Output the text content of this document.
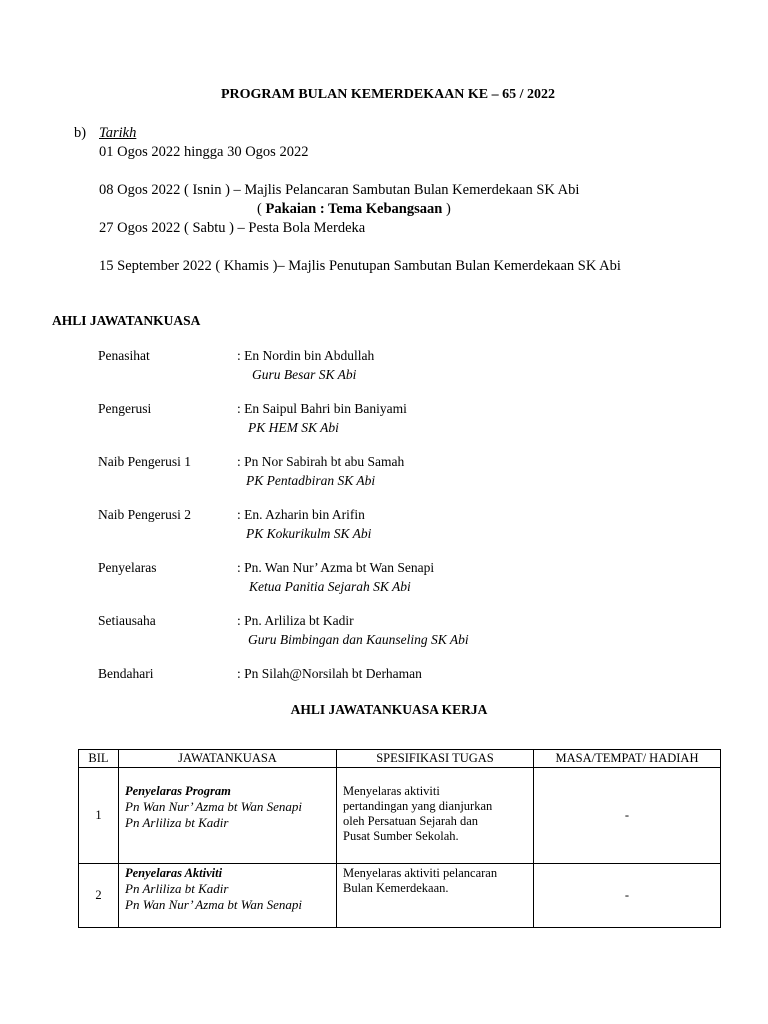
PROGRAM BULAN KEMERDEKAAN KE – 65 / 2022
b) Tarikh
01 Ogos 2022 hingga 30 Ogos 2022
08 Ogos 2022 ( Isnin ) – Majlis Pelancaran Sambutan Bulan Kemerdekaan SK Abi
( Pakaian : Tema Kebangsaan )
27 Ogos 2022 ( Sabtu ) – Pesta Bola Merdeka
15 September 2022 ( Khamis )– Majlis Penutupan Sambutan Bulan Kemerdekaan SK Abi
AHLI JAWATANKUASA
Penasihat	: En Nordin bin Abdullah
Guru Besar SK Abi
Pengerusi	: En Saipul Bahri bin Baniyami
PK HEM SK Abi
Naib Pengerusi 1	: Pn Nor Sabirah bt abu Samah
PK Pentadbiran SK Abi
Naib Pengerusi 2	: En. Azharin bin Arifin
PK Kokurikulm SK Abi
Penyelaras	: Pn. Wan Nur’ Azma bt Wan Senapi
Ketua Panitia Sejarah SK Abi
Setiausaha	: Pn. Arliliza bt Kadir
Guru Bimbingan dan Kaunseling SK Abi
Bendahari	: Pn Silah@Norsilah bt Derhaman
AHLI JAWATANKUASA KERJA
BIL	JAWATANKUASA	SPESIFIKASI TUGAS	MASA/TEMPAT/ HADIAH
1	Penyelaras Program
Pn Wan Nur’ Azma bt Wan Senapi
Pn Arliliza bt Kadir	Menyelaras aktiviti
pertandingan yang dianjurkan
oleh Persatuan Sejarah dan
Pusat Sumber Sekolah.	-
2	Penyelaras Aktiviti
Pn Arliliza bt Kadir
Pn Wan Nur’ Azma bt Wan Senapi	Menyelaras aktiviti pelancaran
Bulan Kemerdekaan.	-
